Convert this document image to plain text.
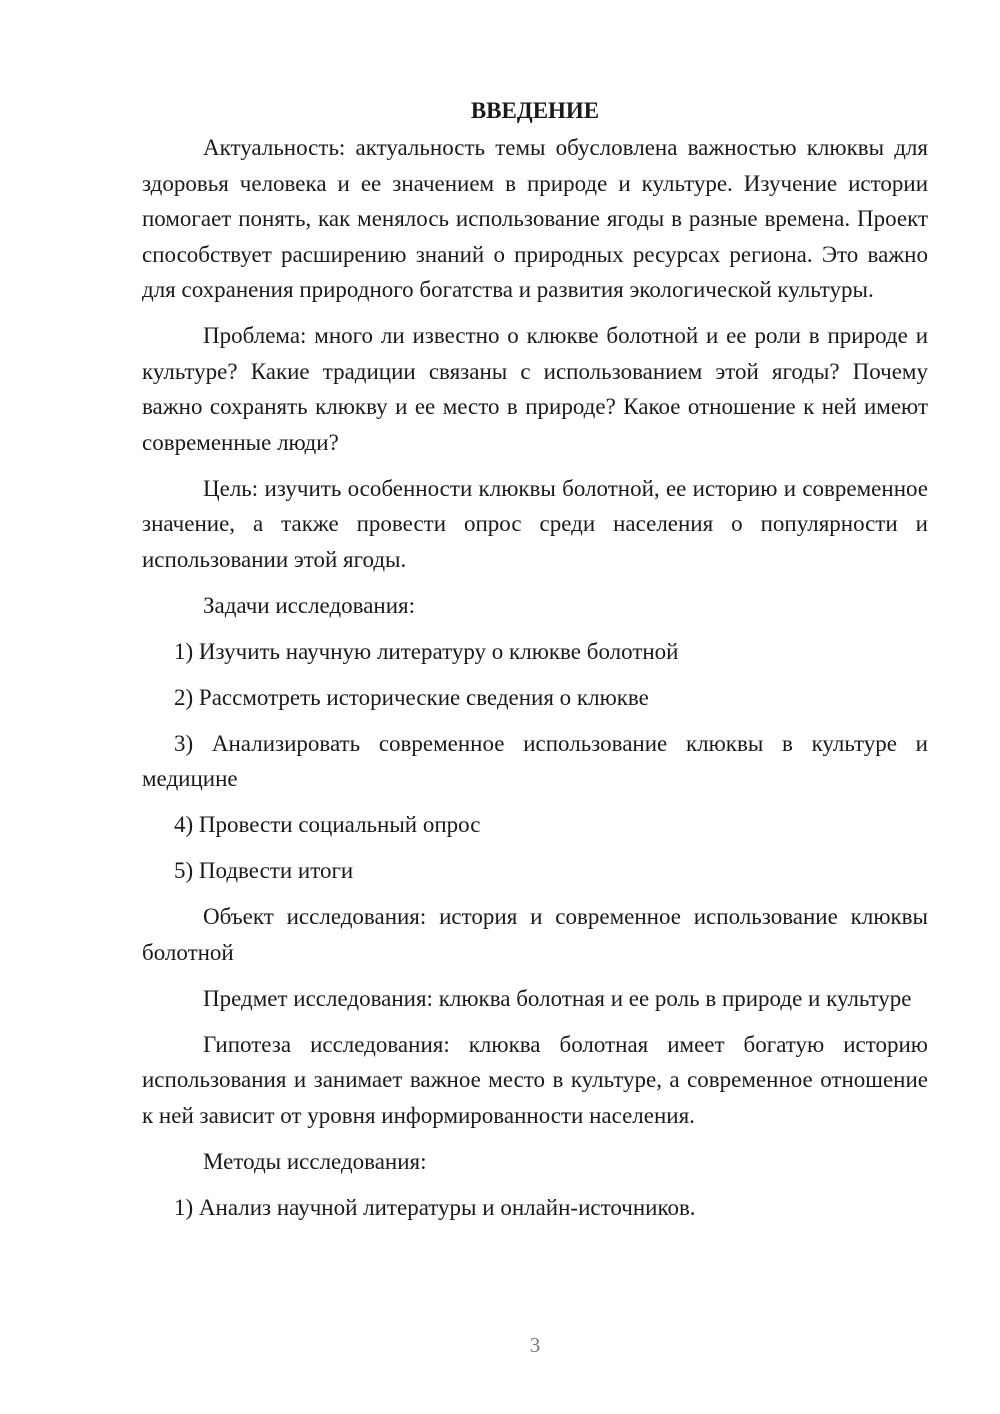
ВВЕДЕНИЕ

Актуальность: актуальность темы обусловлена важностью клюквы для здоровья человека и ее значением в природе и культуре. Изучение истории помогает понять, как менялось использование ягоды в разные времена. Проект способствует расширению знаний о природных ресурсах региона. Это важно для сохранения природного богатства и развития экологической культуры.

Проблема: много ли известно о клюкве болотной и ее роли в природе и культуре? Какие традиции связаны с использованием этой ягоды? Почему важно сохранять клюкву и ее место в природе? Какое отношение к ней имеют современные люди?

Цель: изучить особенности клюквы болотной, ее историю и современное значение, а также провести опрос среди населения о популярности и использовании этой ягоды.

Задачи исследования:

1) Изучить научную литературу о клюкве болотной

2) Рассмотреть исторические сведения о клюкве

3) Анализировать современное использование клюквы в культуре и медицине

4) Провести социальный опрос

5) Подвести итоги

Объект исследования: история и современное использование клюквы болотной

Предмет исследования: клюква болотная и ее роль в природе и культуре

Гипотеза исследования: клюква болотная имеет богатую историю использования и занимает важное место в культуре, а современное отношение к ней зависит от уровня информированности населения.

Методы исследования:

1) Анализ научной литературы и онлайн-источников.

3
